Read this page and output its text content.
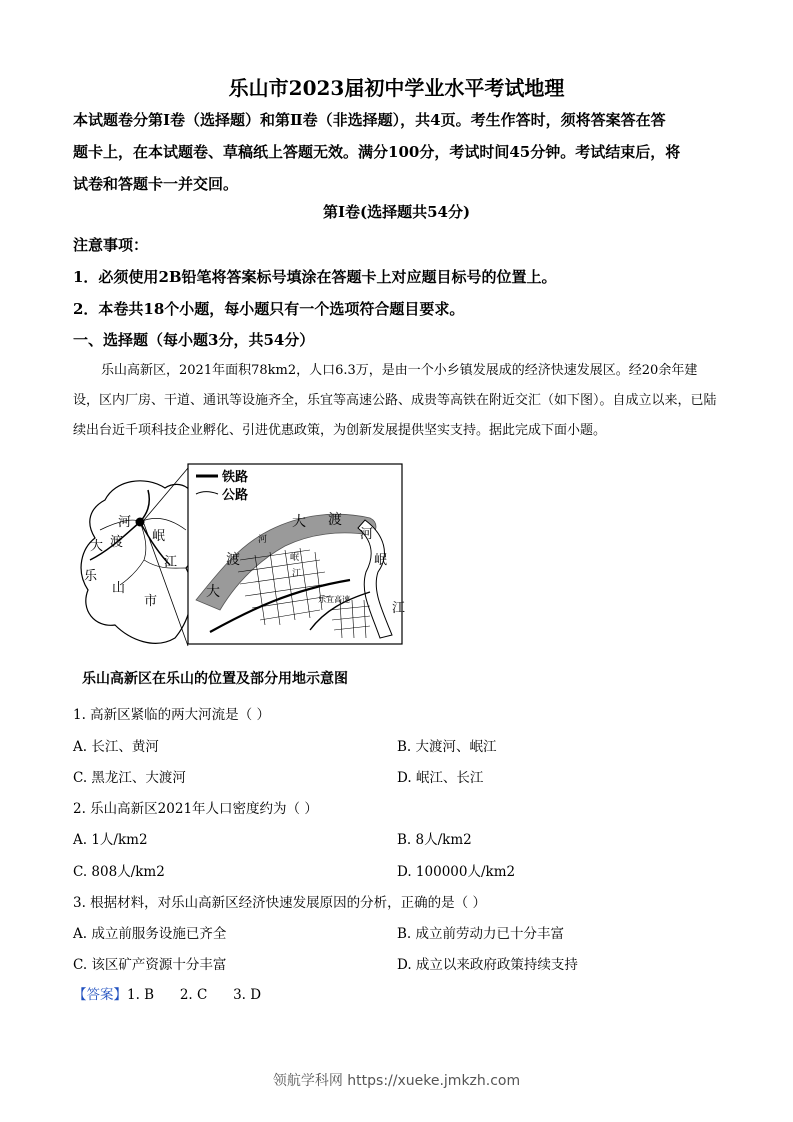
乐山市2023届初中学业水平考试地理

本试题卷分第Ⅰ卷（选择题）和第Ⅱ卷（非选择题），共4页。考生作答时，须将答案答在答

题卡上，在本试题卷、草稿纸上答题无效。满分100分，考试时间45分钟。考试结束后，将

试卷和答题卡一并交回。

第Ⅰ卷(选择题共54分)
注意事项：
1．必须使用2B铅笔将答案标号填涂在答题卡上对应题目标号的位置上。
2．本卷共18个小题，每小题只有一个选项符合题目要求。
一、选择题（每小题3分，共54分）
乐山高新区，2021年面积78km2，人口6.3万，是由一个小乡镇发展成的经济快速发展区。经20余年建设，区内厂房、干道、通讯等设施齐全，乐宜等高速公路、成贵等高铁在附近交汇（如下图）。自成立以来，已陆续出台近千项科技企业孵化、引进优惠政策，为创新发展提供坚实支持。据此完成下面小题。
河
大 渡 岷
江
乐
山
市
铁路
公路
大 渡
河
渡
大
岷
江
乐宜高速
河
岷
江
乐山高新区在乐山的位置及部分用地示意图
1. 高新区紧临的两大河流是（ ）
A. 长江、黄河	B. 大渡河、岷江
C. 黑龙江、大渡河	D. 岷江、长江
2. 乐山高新区2021年人口密度约为（ ）
A. 1人/km2	B. 8人/km2
C. 808人/km2	D. 100000人/km2
3. 根据材料，对乐山高新区经济快速发展原因的分析，正确的是（ ）
A. 成立前服务设施已齐全	B. 成立前劳动力已十分丰富
C. 该区矿产资源十分丰富	D. 成立以来政府政策持续支持
【答案】1. B      2. C      3. D
领航学科网 https://xueke.jmkzh.com
